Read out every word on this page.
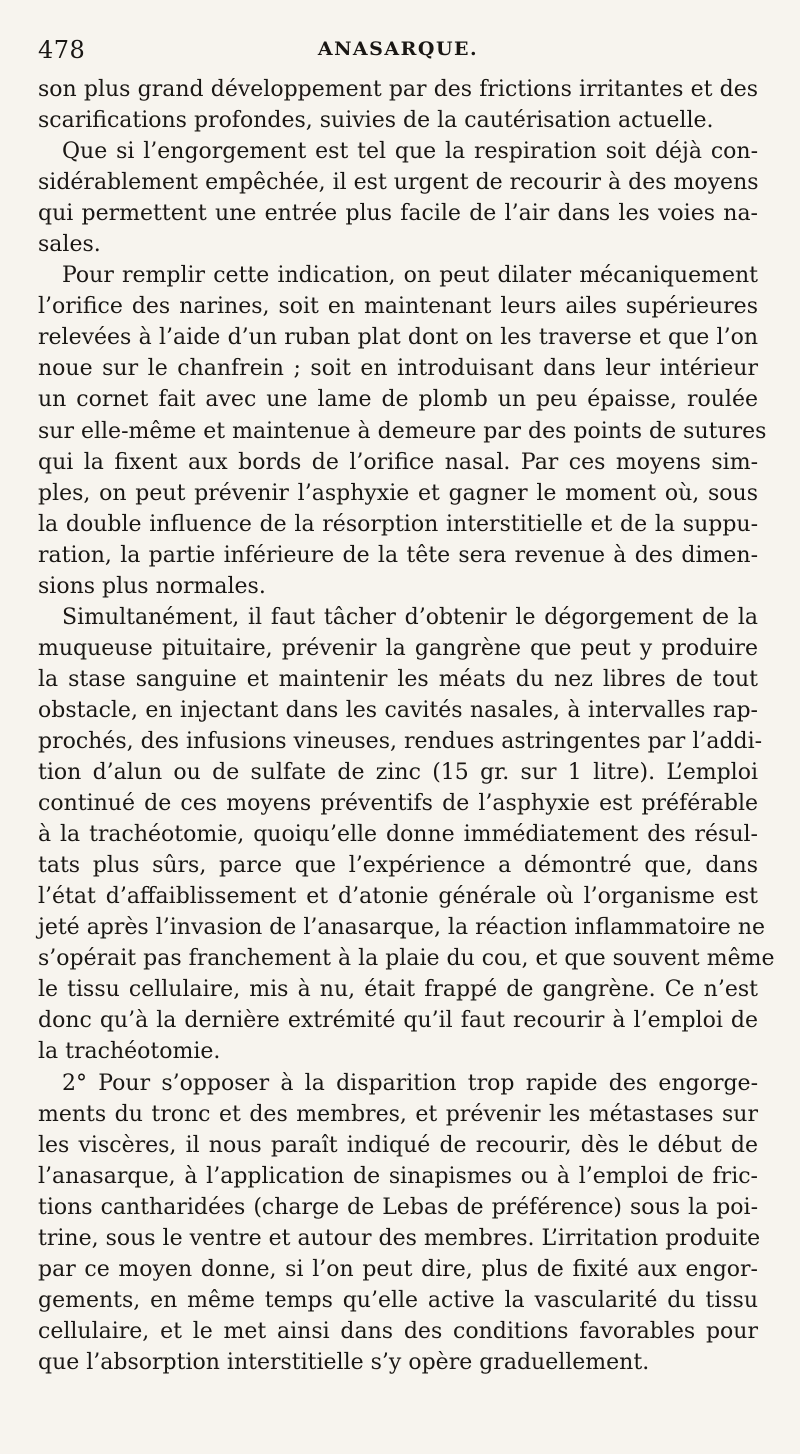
478	ANASARQUE.
son plus grand développement par des frictions irritantes et des
scarifications profondes, suivies de la cautérisation actuelle.
Que si l’engorgement est tel que la respiration soit déjà con-
sidérablement empêchée, il est urgent de recourir à des moyens
qui permettent une entrée plus facile de l’air dans les voies na-
sales.
Pour remplir cette indication, on peut dilater mécaniquement
l’orifice des narines, soit en maintenant leurs ailes supérieures
relevées à l’aide d’un ruban plat dont on les traverse et que l’on
noue sur le chanfrein ; soit en introduisant dans leur intérieur
un cornet fait avec une lame de plomb un peu épaisse, roulée
sur elle-même et maintenue à demeure par des points de sutures
qui la fixent aux bords de l’orifice nasal. Par ces moyens sim-
ples, on peut prévenir l’asphyxie et gagner le moment où, sous
la double influence de la résorption interstitielle et de la suppu-
ration, la partie inférieure de la tête sera revenue à des dimen-
sions plus normales.
Simultanément, il faut tâcher d’obtenir le dégorgement de la
muqueuse pituitaire, prévenir la gangrène que peut y produire
la stase sanguine et maintenir les méats du nez libres de tout
obstacle, en injectant dans les cavités nasales, à intervalles rap-
prochés, des infusions vineuses, rendues astringentes par l’addi-
tion d’alun ou de sulfate de zinc (15 gr. sur 1 litre). L’emploi
continué de ces moyens préventifs de l’asphyxie est préférable
à la trachéotomie, quoiqu’elle donne immédiatement des résul-
tats plus sûrs, parce que l’expérience a démontré que, dans
l’état d’affaiblissement et d’atonie générale où l’organisme est
jeté après l’invasion de l’anasarque, la réaction inflammatoire ne
s’opérait pas franchement à la plaie du cou, et que souvent même
le tissu cellulaire, mis à nu, était frappé de gangrène. Ce n’est
donc qu’à la dernière extrémité qu’il faut recourir à l’emploi de
la trachéotomie.
2° Pour s’opposer à la disparition trop rapide des engorge-
ments du tronc et des membres, et prévenir les métastases sur
les viscères, il nous paraît indiqué de recourir, dès le début de
l’anasarque, à l’application de sinapismes ou à l’emploi de fric-
tions cantharidées (charge de Lebas de préférence) sous la poi-
trine, sous le ventre et autour des membres. L’irritation produite
par ce moyen donne, si l’on peut dire, plus de fixité aux engor-
gements, en même temps qu’elle active la vascularité du tissu
cellulaire, et le met ainsi dans des conditions favorables pour
que l’absorption interstitielle s’y opère graduellement.
